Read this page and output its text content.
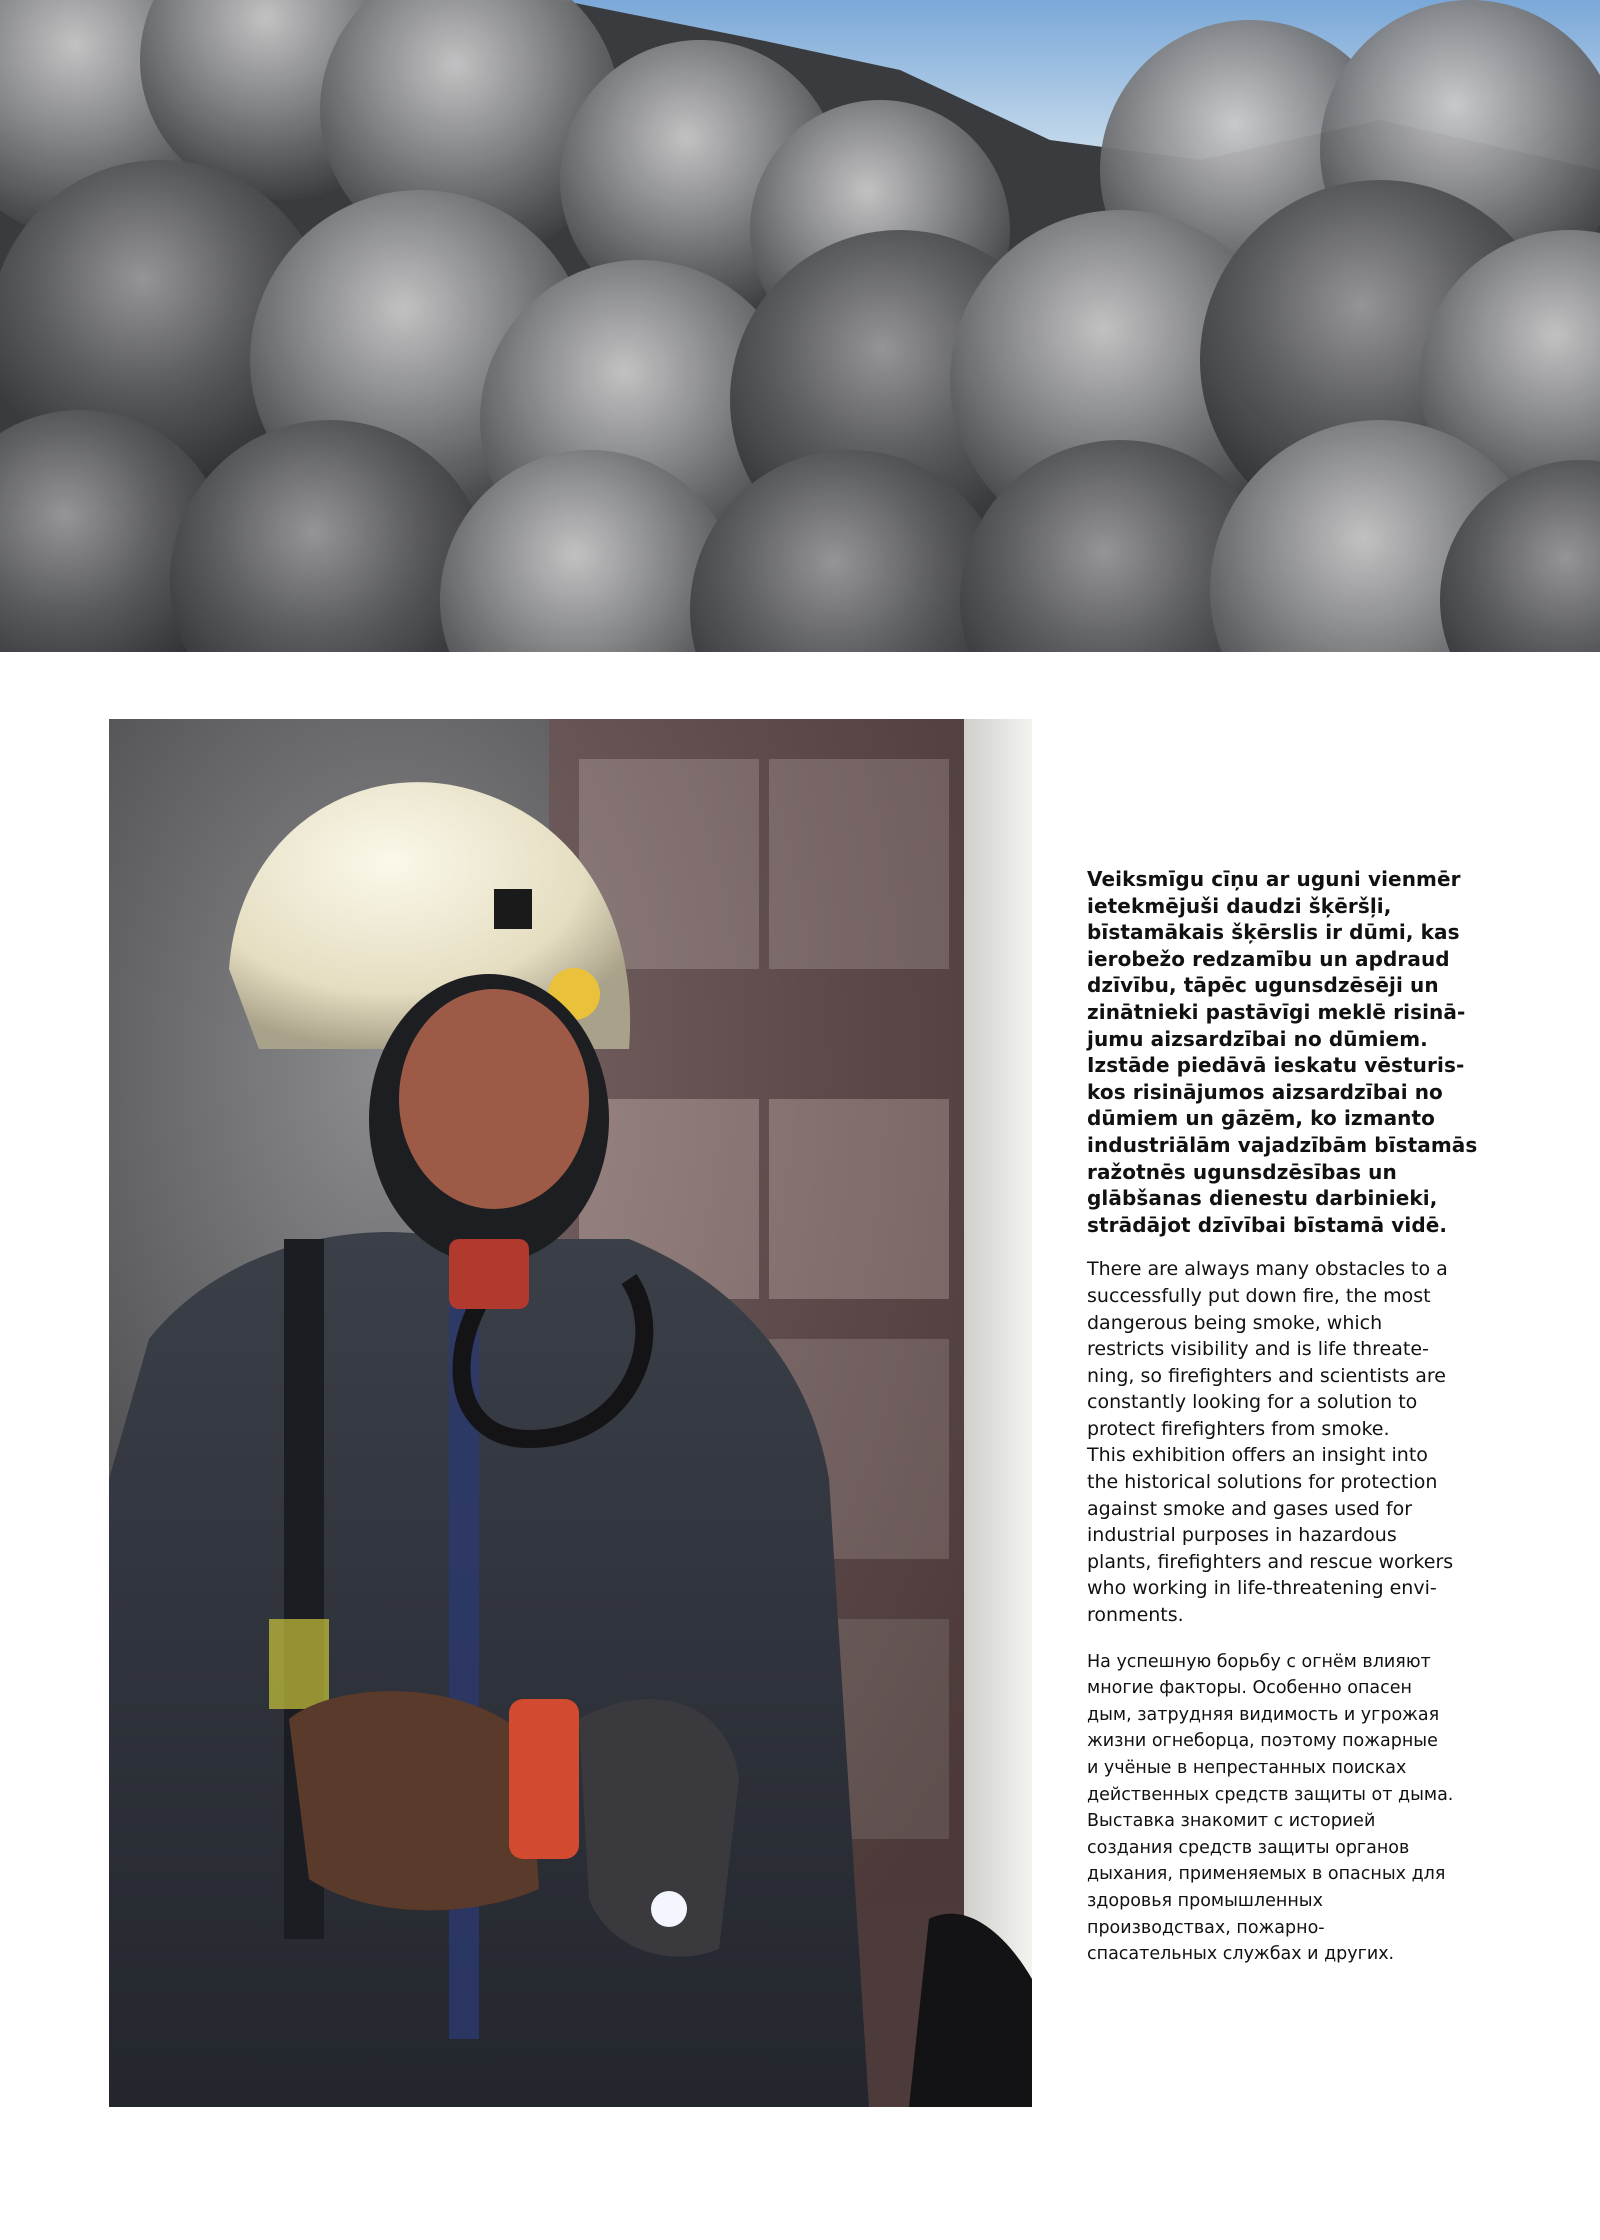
Veiksmīgu cīņu ar uguni vienmēr
ietekmējuši daudzi šķēršļi,
bīstamākais šķērslis ir dūmi, kas
ierobežo redzamību un apdraud
dzīvību, tāpēc ugunsdzēsēji un
zinātnieki pastāvīgi meklē risinā-
jumu aizsardzībai no dūmiem.
Izstāde piedāvā ieskatu vēsturis-
kos risinājumos aizsardzībai no
dūmiem un gāzēm, ko izmanto
industriālām vajadzībām bīstamās
ražotnēs ugunsdzēsības un
glābšanas dienestu darbinieki,
strādājot dzīvībai bīstamā vidē.

There are always many obstacles to a
successfully put down fire, the most
dangerous being smoke, which
restricts visibility and is life threate-
ning, so firefighters and scientists are
constantly looking for a solution to
protect firefighters from smoke.
This exhibition offers an insight into
the historical solutions for protection
against smoke and gases used for
industrial purposes in hazardous
plants, firefighters and rescue workers
who working in life-threatening envi-
ronments.

На успешную борьбу с огнём влияют
многие факторы. Особенно опасен
дым, затрудняя видимость и угрожая
жизни огнеборца, поэтому пожарные
и учёные в непрестанных поисках
действенных средств защиты от дыма.
Выставка знакомит с историей
создания средств защиты органов
дыхания, применяемых в опасных для
здоровья промышленных
производствах, пожарно-
спасательных службах и других.
